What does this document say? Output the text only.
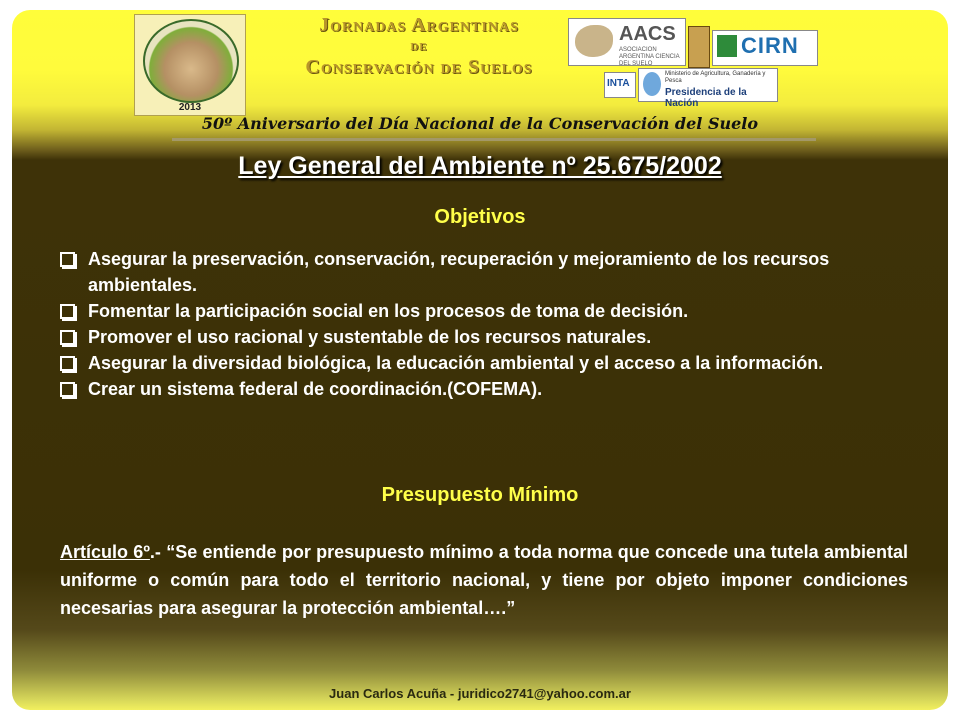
2013
Jornadas Argentinas
de
Conservación de Suelos
AACS
ASOCIACION ARGENTINA CIENCIA DEL SUELO
CIRN
INTA
Ministerio de Agricultura, Ganadería y Pesca
Presidencia de la Nación
50º Aniversario del Día Nacional de la Conservación del Suelo
Ley General del Ambiente nº 25.675/2002
Objetivos
Asegurar la preservación, conservación, recuperación y mejoramiento de los recursos ambientales.
Fomentar la participación social en los procesos de toma de decisión.
Promover el uso racional y sustentable de los recursos naturales.
Asegurar la diversidad biológica, la educación ambiental y el acceso a la información.
Crear un sistema federal de coordinación.(COFEMA).
Presupuesto Mínimo
Artículo 6º.- “Se entiende por presupuesto mínimo a toda norma que concede una tutela ambiental uniforme o común para todo el territorio nacional, y tiene por objeto imponer condiciones necesarias para asegurar la protección ambiental….”
Juan Carlos Acuña - juridico2741@yahoo.com.ar
